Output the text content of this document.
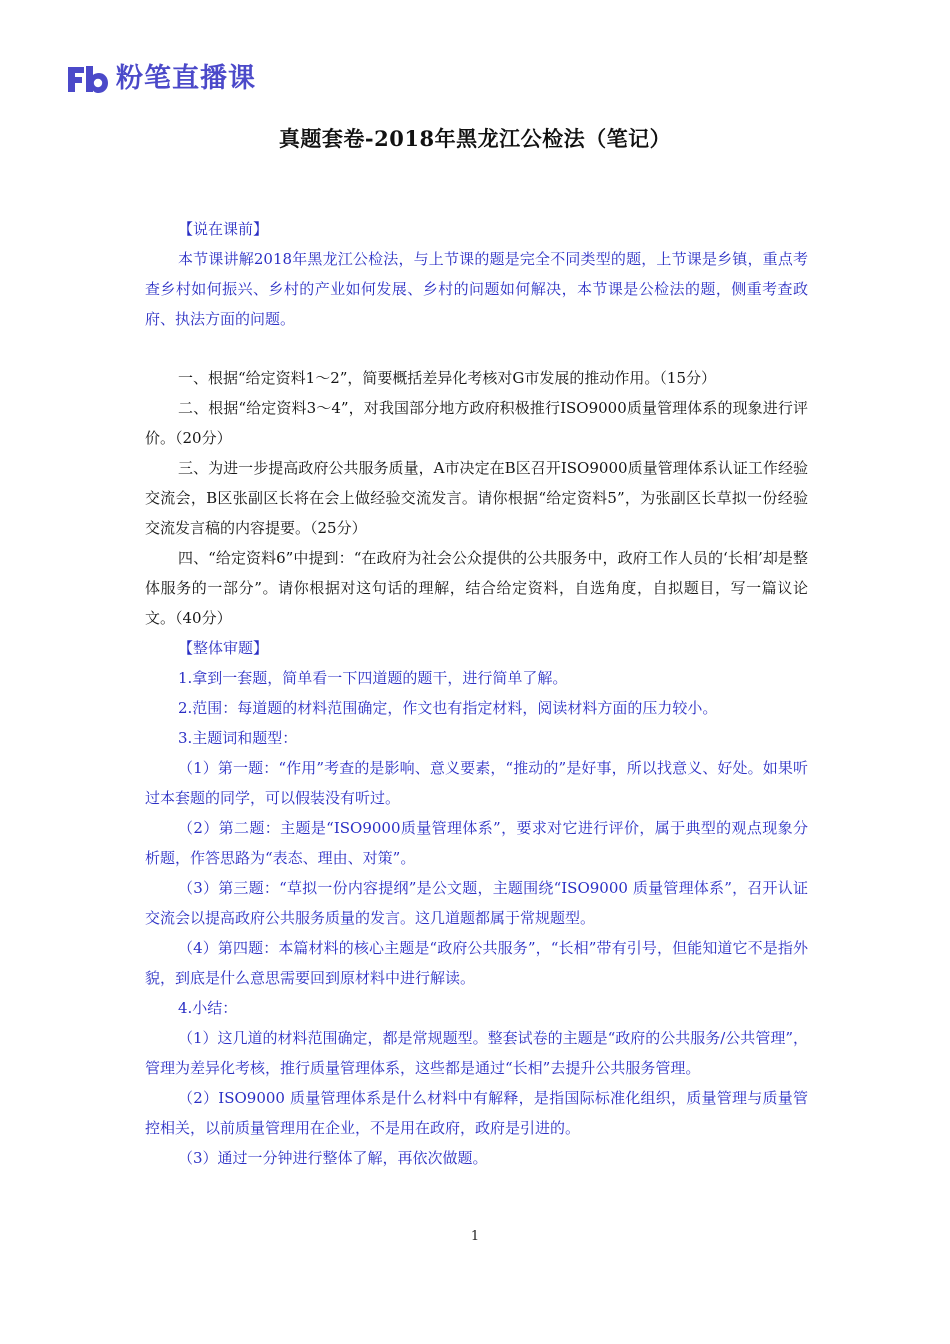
粉笔直播课
真题套卷-2018年黑龙江公检法（笔记）

【说在课前】

本节课讲解2018年黑龙江公检法，与上节课的题是完全不同类型的题，上节课是乡镇，重点考查乡村如何振兴、乡村的产业如何发展、乡村的问题如何解决，本节课是公检法的题，侧重考查政府、执法方面的问题。

一、根据“给定资料1～2”，简要概括差异化考核对G市发展的推动作用。（15分）

二、根据“给定资料3～4”，对我国部分地方政府积极推行ISO9000质量管理体系的现象进行评价。（20分）

三、为进一步提高政府公共服务质量，A市决定在B区召开ISO9000质量管理体系认证工作经验交流会，B区张副区长将在会上做经验交流发言。请你根据“给定资料5”，为张副区长草拟一份经验交流发言稿的内容提要。（25分）

四、“给定资料6”中提到：“在政府为社会公众提供的公共服务中，政府工作人员的‘长相’却是整体服务的一部分”。请你根据对这句话的理解，结合给定资料，自选角度，自拟题目，写一篇议论文。（40分）

【整体审题】

1.拿到一套题，简单看一下四道题的题干，进行简单了解。

2.范围：每道题的材料范围确定，作文也有指定材料，阅读材料方面的压力较小。

3.主题词和题型：

（1）第一题：“作用”考查的是影响、意义要素，“推动的”是好事，所以找意义、好处。如果听过本套题的同学，可以假装没有听过。

（2）第二题：主题是“ISO9000质量管理体系”，要求对它进行评价，属于典型的观点现象分析题，作答思路为“表态、理由、对策”。

（3）第三题：“草拟一份内容提纲”是公文题，主题围绕“ISO9000 质量管理体系”，召开认证交流会以提高政府公共服务质量的发言。这几道题都属于常规题型。

（4）第四题：本篇材料的核心主题是“政府公共服务”，“长相”带有引号，但能知道它不是指外貌，到底是什么意思需要回到原材料中进行解读。

4.小结：

（1）这几道的材料范围确定，都是常规题型。整套试卷的主题是“政府的公共服务/公共管理”，管理为差异化考核，推行质量管理体系，这些都是通过“长相”去提升公共服务管理。

（2）ISO9000 质量管理体系是什么材料中有解释，是指国际标准化组织，质量管理与质量管控相关，以前质量管理用在企业，不是用在政府，政府是引进的。

（3）通过一分钟进行整体了解，再依次做题。

1
